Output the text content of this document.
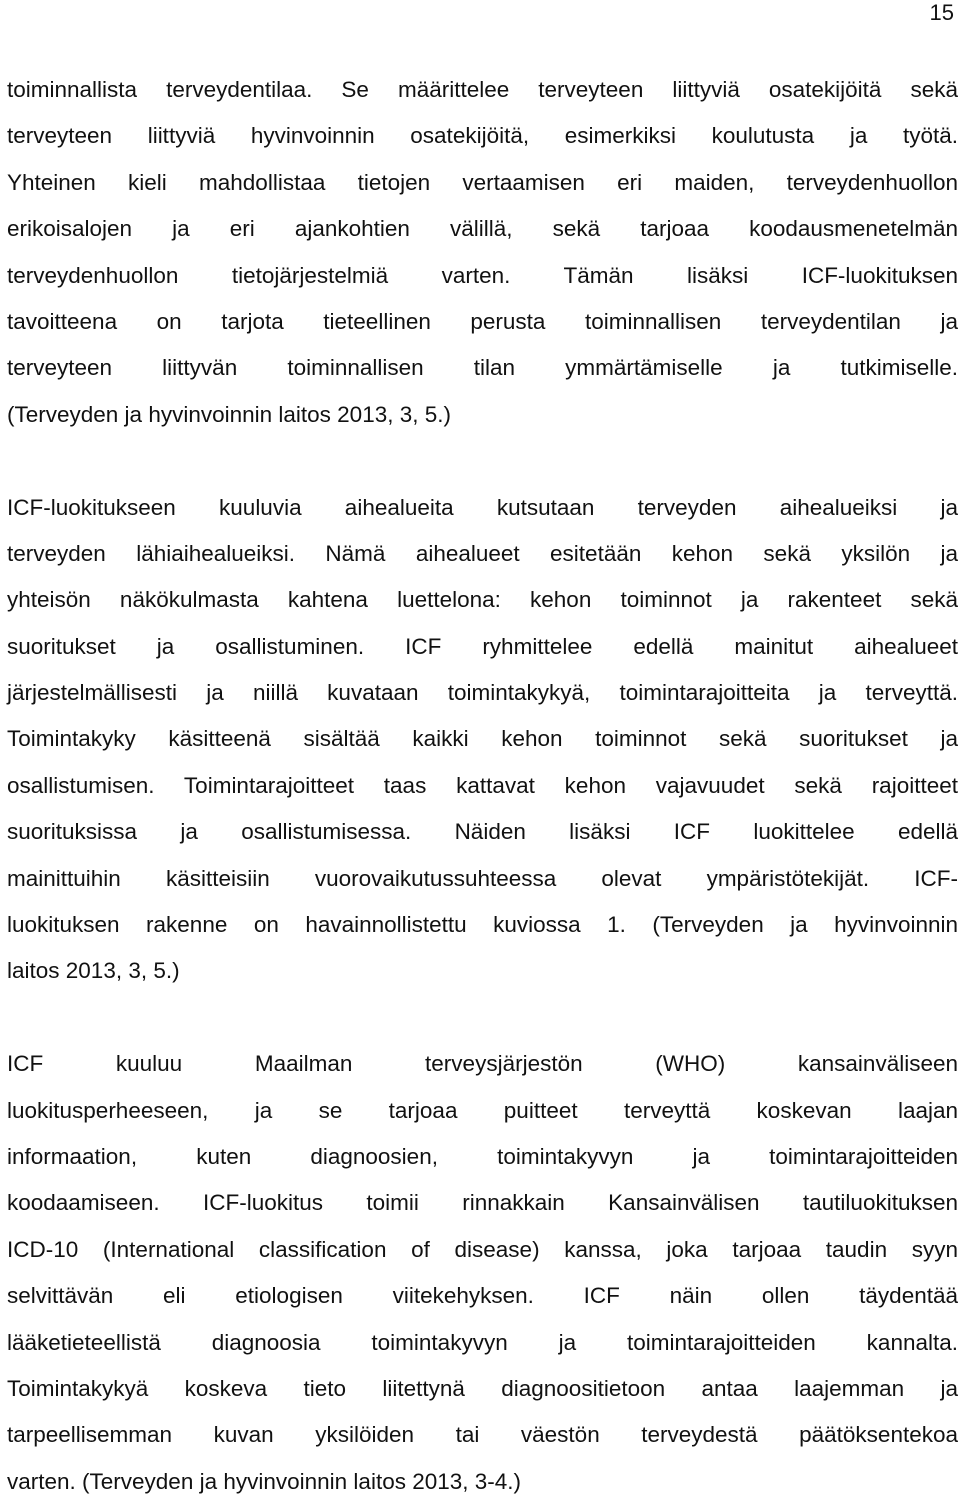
15

toiminnallista terveydentilaa. Se määrittelee terveyteen liittyviä osatekijöitä sekä
terveyteen liittyviä hyvinvoinnin osatekijöitä, esimerkiksi koulutusta ja työtä.
Yhteinen kieli mahdollistaa tietojen vertaamisen eri maiden, terveydenhuollon
erikoisalojen ja eri ajankohtien välillä, sekä tarjoaa koodausmenetelmän
terveydenhuollon tietojärjestelmiä varten. Tämän lisäksi ICF-luokituksen
tavoitteena on tarjota tieteellinen perusta toiminnallisen terveydentilan ja
terveyteen liittyvän toiminnallisen tilan ymmärtämiselle ja tutkimiselle.
(Terveyden ja hyvinvoinnin laitos 2013, 3, 5.)

ICF-luokitukseen kuuluvia aihealueita kutsutaan terveyden aihealueiksi ja
terveyden lähiaihealueiksi. Nämä aihealueet esitetään kehon sekä yksilön ja
yhteisön näkökulmasta kahtena luettelona: kehon toiminnot ja rakenteet sekä
suoritukset ja osallistuminen. ICF ryhmittelee edellä mainitut aihealueet
järjestelmällisesti ja niillä kuvataan toimintakykyä, toimintarajoitteita ja terveyttä.
Toimintakyky käsitteenä sisältää kaikki kehon toiminnot sekä suoritukset ja
osallistumisen. Toimintarajoitteet taas kattavat kehon vajavuudet sekä rajoitteet
suorituksissa ja osallistumisessa. Näiden lisäksi ICF luokittelee edellä
mainittuihin käsitteisiin vuorovaikutussuhteessa olevat ympäristötekijät. ICF-
luokituksen rakenne on havainnollistettu kuviossa 1. (Terveyden ja hyvinvoinnin
laitos 2013, 3, 5.)

ICF kuuluu Maailman terveysjärjestön (WHO) kansainväliseen
luokitusperheeseen, ja se tarjoaa puitteet terveyttä koskevan laajan
informaation, kuten diagnoosien, toimintakyvyn ja toimintarajoitteiden
koodaamiseen. ICF-luokitus toimii rinnakkain Kansainvälisen tautiluokituksen
ICD-10 (International classification of disease) kanssa, joka tarjoaa taudin syyn
selvittävän eli etiologisen viitekehyksen. ICF näin ollen täydentää
lääketieteellistä diagnoosia toimintakyvyn ja toimintarajoitteiden kannalta.
Toimintakykyä koskeva tieto liitettynä diagnoositietoon antaa laajemman ja
tarpeellisemman kuvan yksilöiden tai väestön terveydestä päätöksentekoa
varten. (Terveyden ja hyvinvoinnin laitos 2013, 3-4.)
